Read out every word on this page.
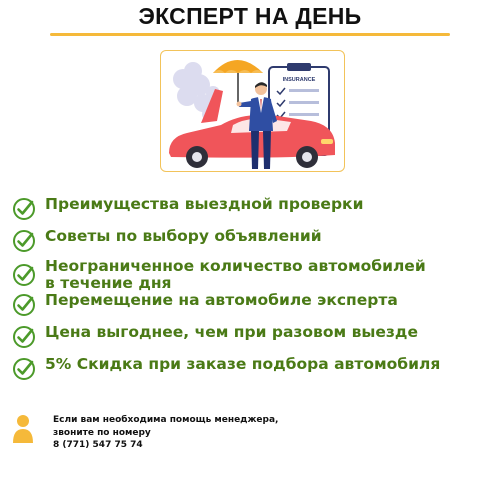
ЭКСПЕРТ НА ДЕНЬ
INSURANCE
Преимущества выездной проверки
Советы по выбору объявлений
Неограниченное количество автомобилей в течение дня
Перемещение на автомобиле эксперта
Цена выгоднее, чем при разовом выезде
5% Скидка при заказе подбора автомобиля
Если вам необходима помощь менеджера,
звоните по номеру
8 (771) 547 75 74
